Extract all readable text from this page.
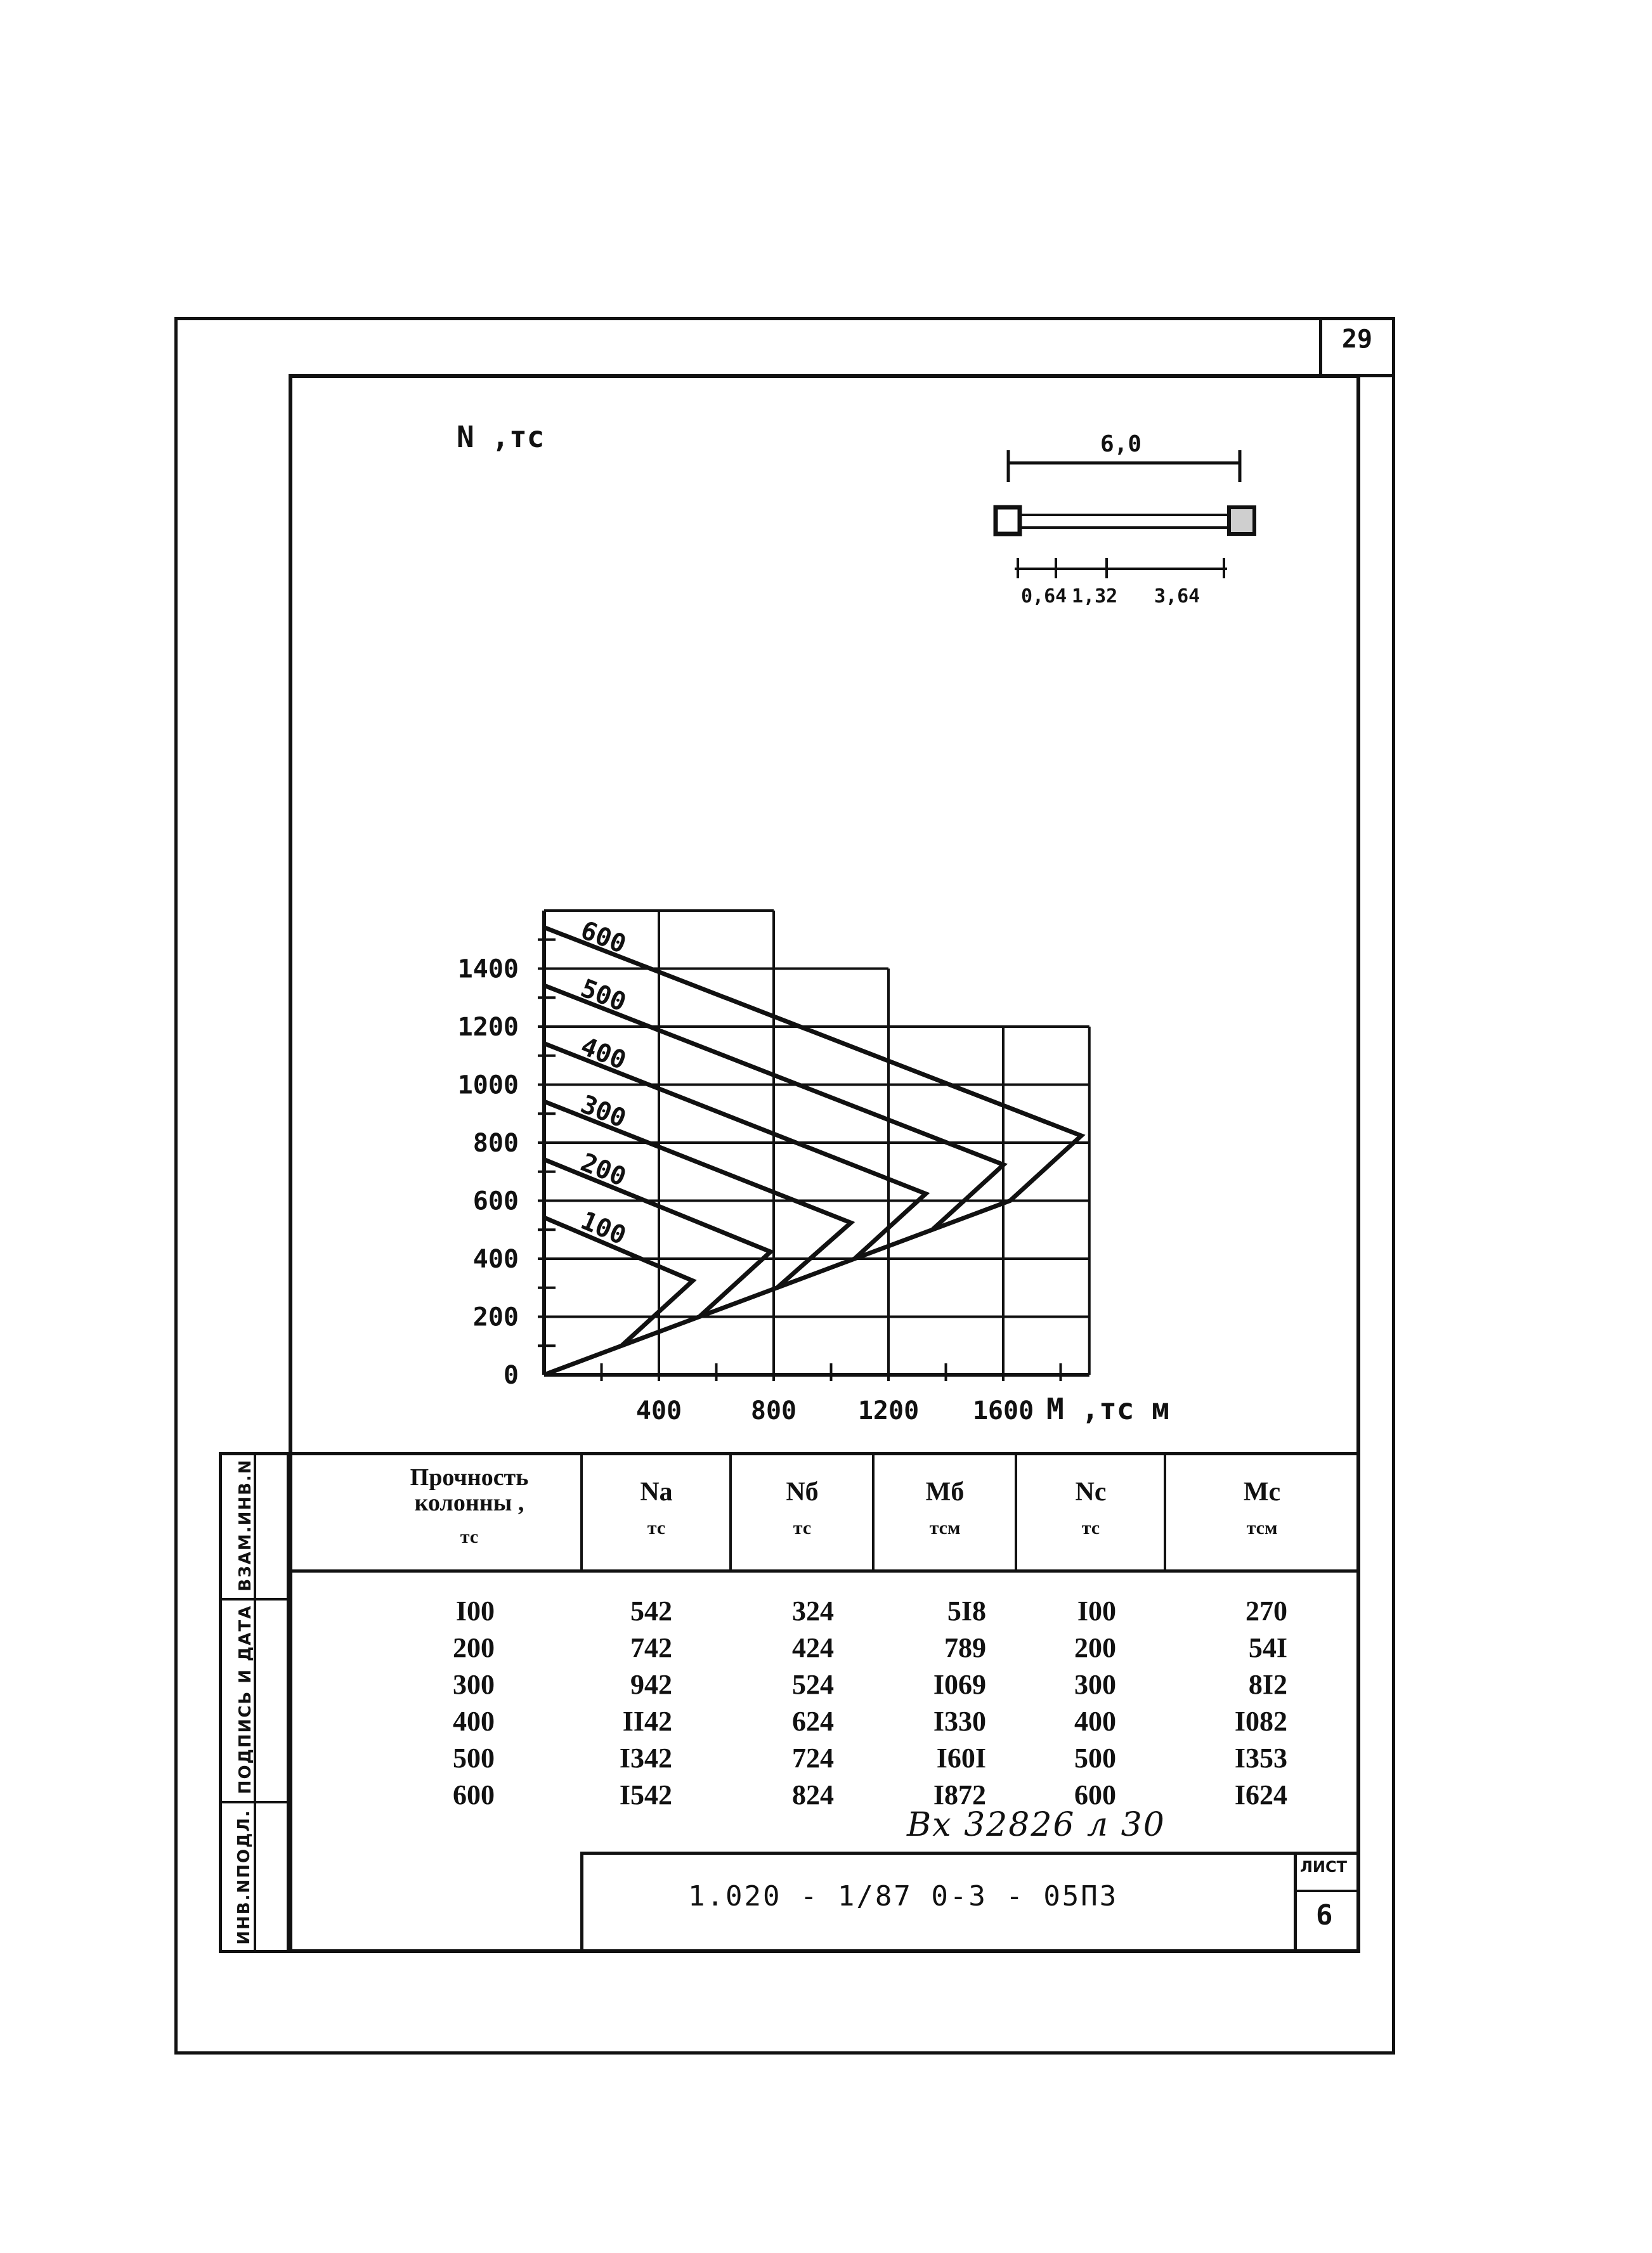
29
100
200
300
400
500
600
0
200
400
600
800
1000
1200
1400
400	800 1200 1600
N ,тс
M ,тс м
6,0
0,64 1,32 3,64
Прочность колонны ,
тс
Na
тс
Nб
тс
Mб
тсм
Nc
тс
Mc
тсм
I00	542	324	5I8	I00	270
200	742	424	789	200	54I
300	942	524	I069	300	8I2
400	II42	624	I330	400	I082
500	I342	724	I60I	500	I353
600	I542	824	I872	600	I624
ИНВ.NПОДЛ.
ПОДПИСЬ И ДАТА
ВЗАМ.ИНВ.N
1.020 - 1/87 0-3 - 05ПЗ
ЛИСТ
6
Вх 32826 л 30
